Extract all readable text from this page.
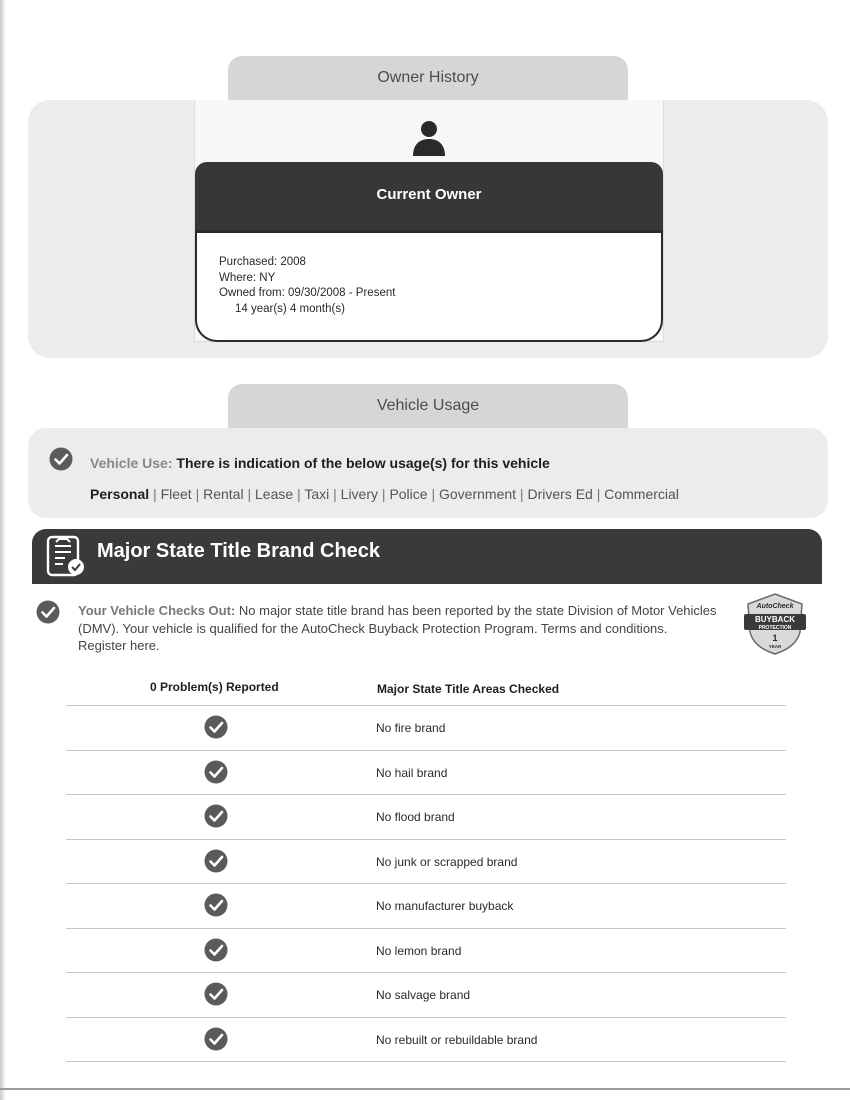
Owner History
Current Owner
Purchased: 2008
Where: NY
Owned from: 09/30/2008 - Present
14 year(s) 4 month(s)
Vehicle Usage
Vehicle Use: There is indication of the below usage(s) for this vehicle
Personal | Fleet | Rental | Lease | Taxi | Livery | Police | Government | Drivers Ed | Commercial
Major State Title Brand Check
Your Vehicle Checks Out: No major state title brand has been reported by the state Division of Motor Vehicles (DMV). Your vehicle is qualified for the AutoCheck Buyback Protection Program. Terms and conditions. Register here.
AutoCheck
BUYBACK
PROTECTION
1
YEAR
0 Problem(s) Reported	Major State Title Areas Checked
No fire brand
No hail brand
No flood brand
No junk or scrapped brand
No manufacturer buyback
No lemon brand
No salvage brand
No rebuilt or rebuildable brand
